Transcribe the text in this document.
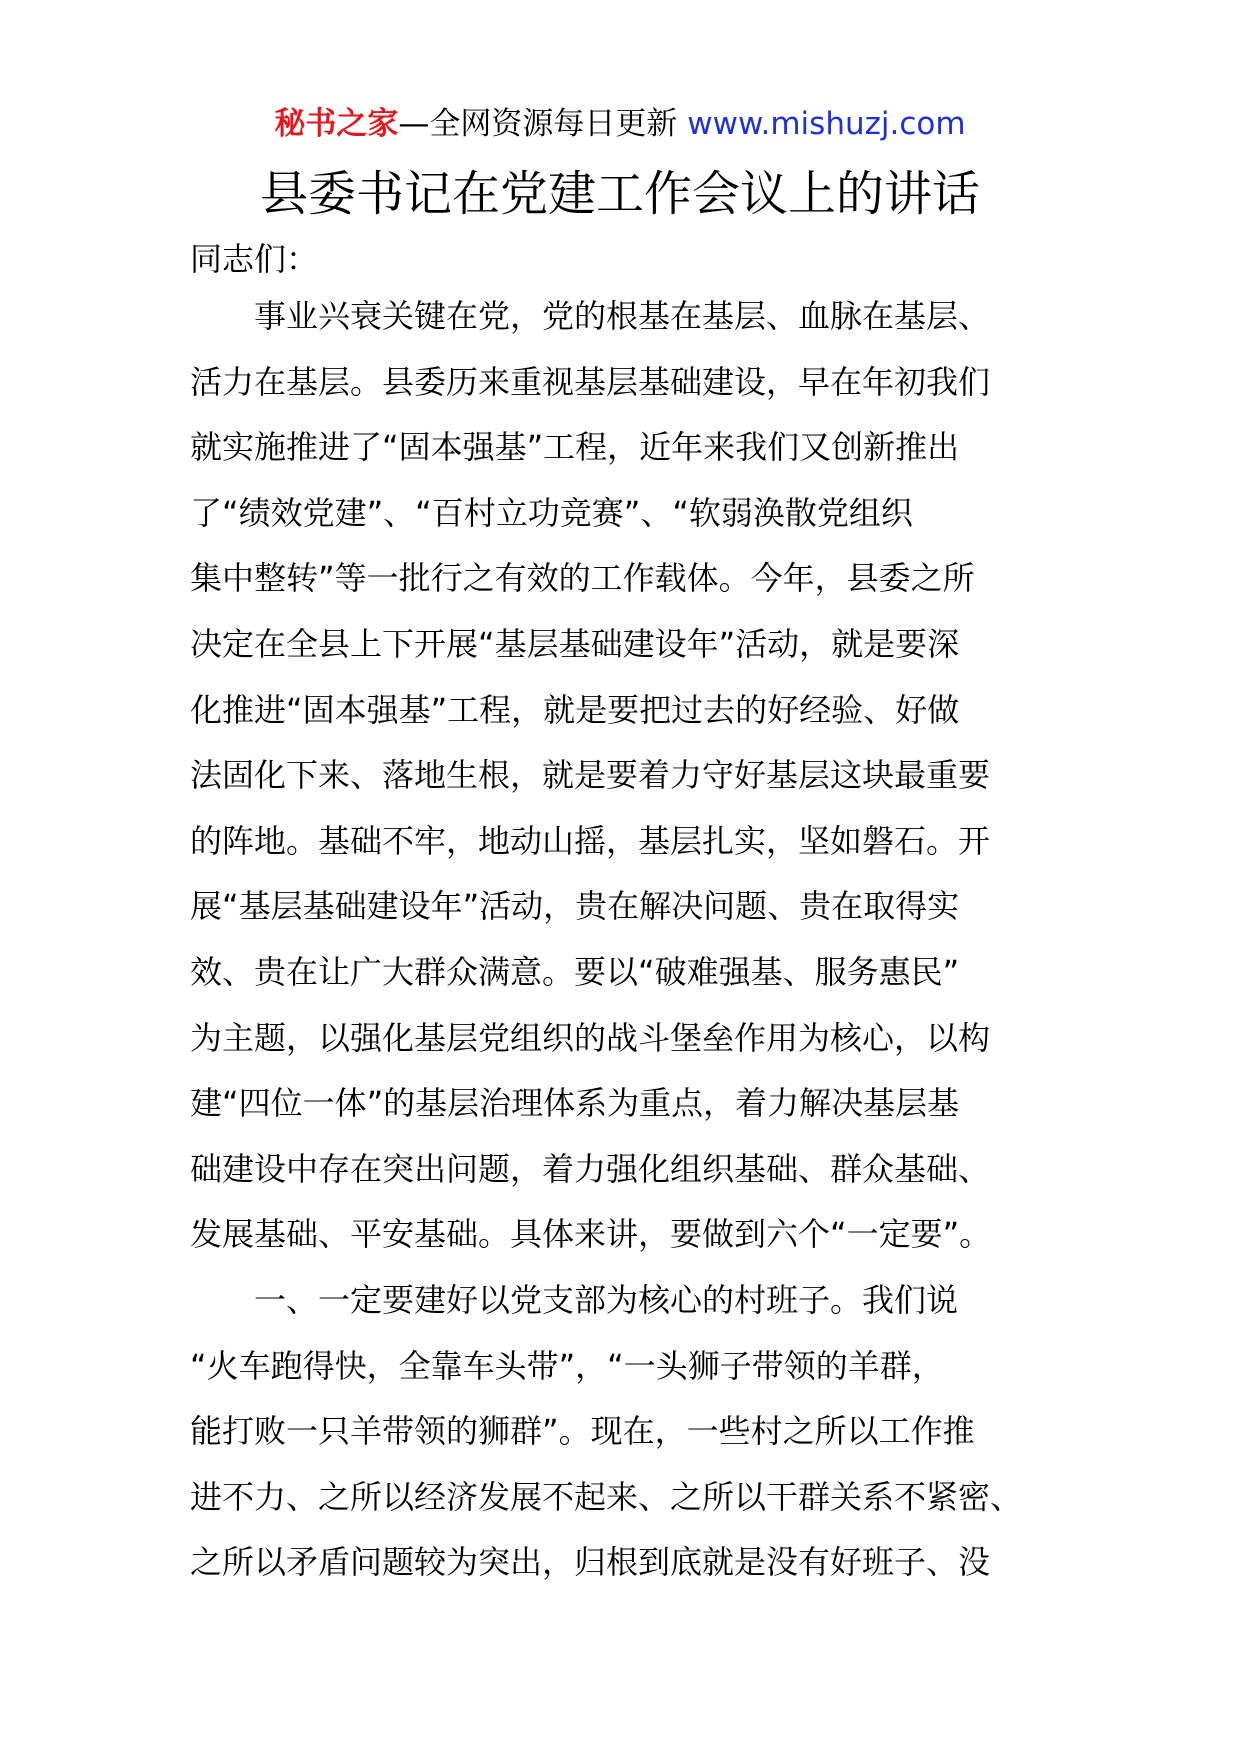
秘书之家—全网资源每日更新 www.mishuzj.com
县委书记在党建工作会议上的讲话
同志们：
事业兴衰关键在党，党的根基在基层、血脉在基层、
活力在基层。县委历来重视基层基础建设，早在年初我们
就实施推进了“固本强基”工程，近年来我们又创新推出
了“绩效党建”、“百村立功竞赛”、“软弱涣散党组织
集中整转”等一批行之有效的工作载体。今年，县委之所
决定在全县上下开展“基层基础建设年”活动，就是要深
化推进“固本强基”工程，就是要把过去的好经验、好做
法固化下来、落地生根，就是要着力守好基层这块最重要
的阵地。基础不牢，地动山摇，基层扎实，坚如磐石。开
展“基层基础建设年”活动，贵在解决问题、贵在取得实
效、贵在让广大群众满意。要以“破难强基、服务惠民”
为主题，以强化基层党组织的战斗堡垒作用为核心，以构
建“四位一体”的基层治理体系为重点，着力解决基层基
础建设中存在突出问题，着力强化组织基础、群众基础、
发展基础、平安基础。具体来讲，要做到六个“一定要”。
一、一定要建好以党支部为核心的村班子。我们说
“火车跑得快，全靠车头带”，“一头狮子带领的羊群，
能打败一只羊带领的狮群”。现在，一些村之所以工作推
进不力、之所以经济发展不起来、之所以干群关系不紧密、
之所以矛盾问题较为突出，归根到底就是没有好班子、没
